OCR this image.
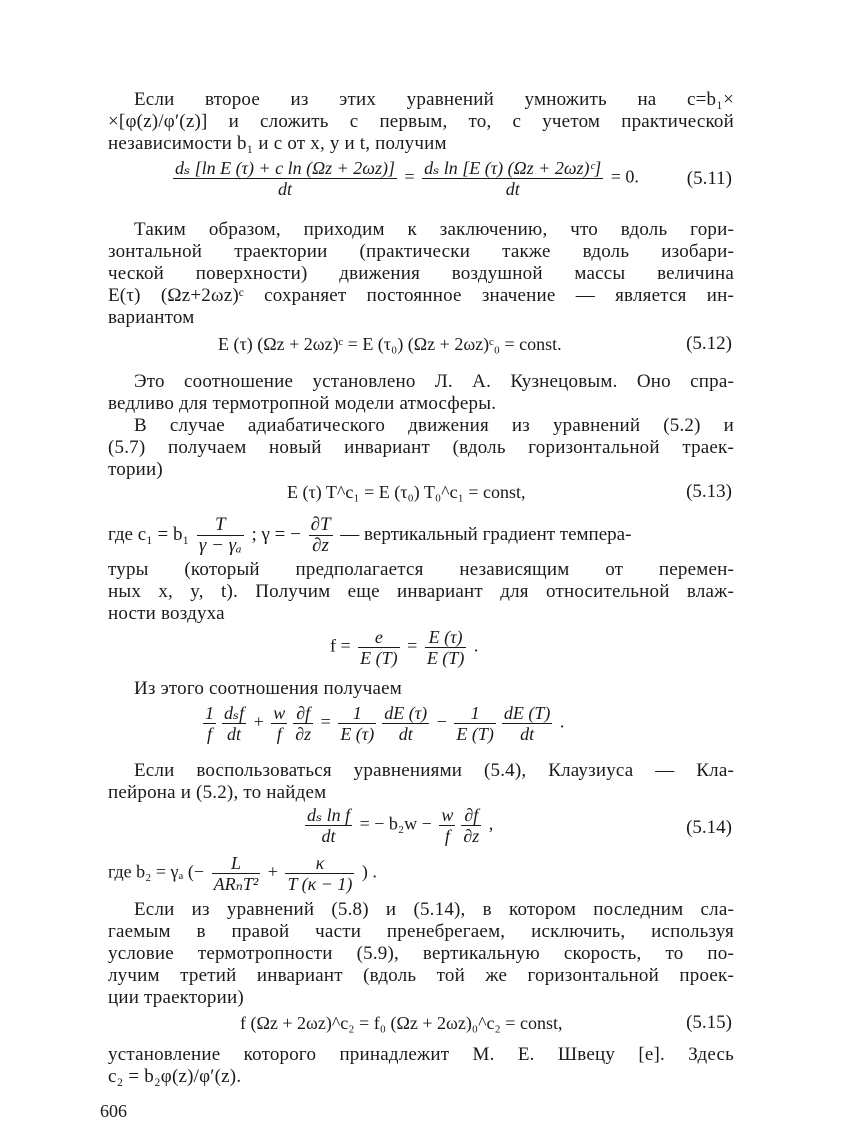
Если второе из этих уравнений умножить на c=b₁×
×[φ(z)/φ′(z)] и сложить с первым, то, с учетом практической
независимости b₁ и c от x, y и t, получим
$\frac{\text{dₛ [ln E (τ) + c ln (Ωz + 2ωz)]}}{dt} = \frac{\text{dₛ ln [E (τ) (Ωz + 2ωz)ᶜ]}}{dt} = 0$.	(5.11)
Таким образом, приходим к заключению, что вдоль гори-
зонтальной траектории (практически также вдоль изобари-
ческой поверхности) движения воздушной массы величина
E(τ) (Ωz+2ωz)ᶜ сохраняет постоянное значение — является ин-
вариантом
E (τ) (Ωz + 2ωz)ᶜ = E (τ₀) (Ωz + 2ωz)ᶜ₀ = const.	(5.12)
Это соотношение установлено Л. А. Кузнецовым. Оно спра-
ведливо для термотропной модели атмосферы.
В случае адиабатического движения из уравнений (5.2) и
(5.7) получаем новый инвариант (вдоль горизонтальной траек-
тории)
E (τ) T^c₁ = E (τ₀) T₀^c₁ = const,	(5.13)
где $c_1 = b_1 \frac{T}{\text{γ − γₐ}}$ ; γ = − $\frac{\partial T}{\partial z}$ — вертикальный градиент темпера-
туры (который предполагается независящим от перемен-
ных x, y, t). Получим еще инвариант для относительной влаж-
ности воздуха
$f = \frac{e}{E (T)} = \frac{E (\tau)}{E (T)}$ .
Из этого соотношения получаем
$\frac{1}{f} \frac{\text{dₛf}}{dt} + \frac{w}{f} \frac{\partial f}{\partial z} = \frac{1}{E (\tau)} \frac{dE (\tau)}{dt} - \frac{1}{E (T)} \frac{dE (T)}{dt}$ .
Если воспользоваться уравнениями (5.4), Клаузиуса — Кла-
пейрона и (5.2), то найдем
$\frac{\text{dₛ ln f}}{dt}$ = − $b_2w - \frac{w}{f} \frac{\partial f}{\partial z}$ ,	(5.14)
где b₂ = γₐ (− $\frac{L}{\text{ARₙT²}} + \frac{\kappa}{T (\kappa - 1)}$ ) .
Если из уравнений (5.8) и (5.14), в котором последним сла-
гаемым в правой части пренебрегаем, исключить, используя
условие термотропности (5.9), вертикальную скорость, то по-
лучим третий инвариант (вдоль той же горизонтальной проек-
ции траектории)
f (Ωz + 2ωz)^c₂ = f₀ (Ωz + 2ωz)₀^c₂ = const,	(5.15)
установление которого принадлежит М. Е. Швецу [e]. Здесь
c₂ = b₂φ(z)/φ′(z).
606
